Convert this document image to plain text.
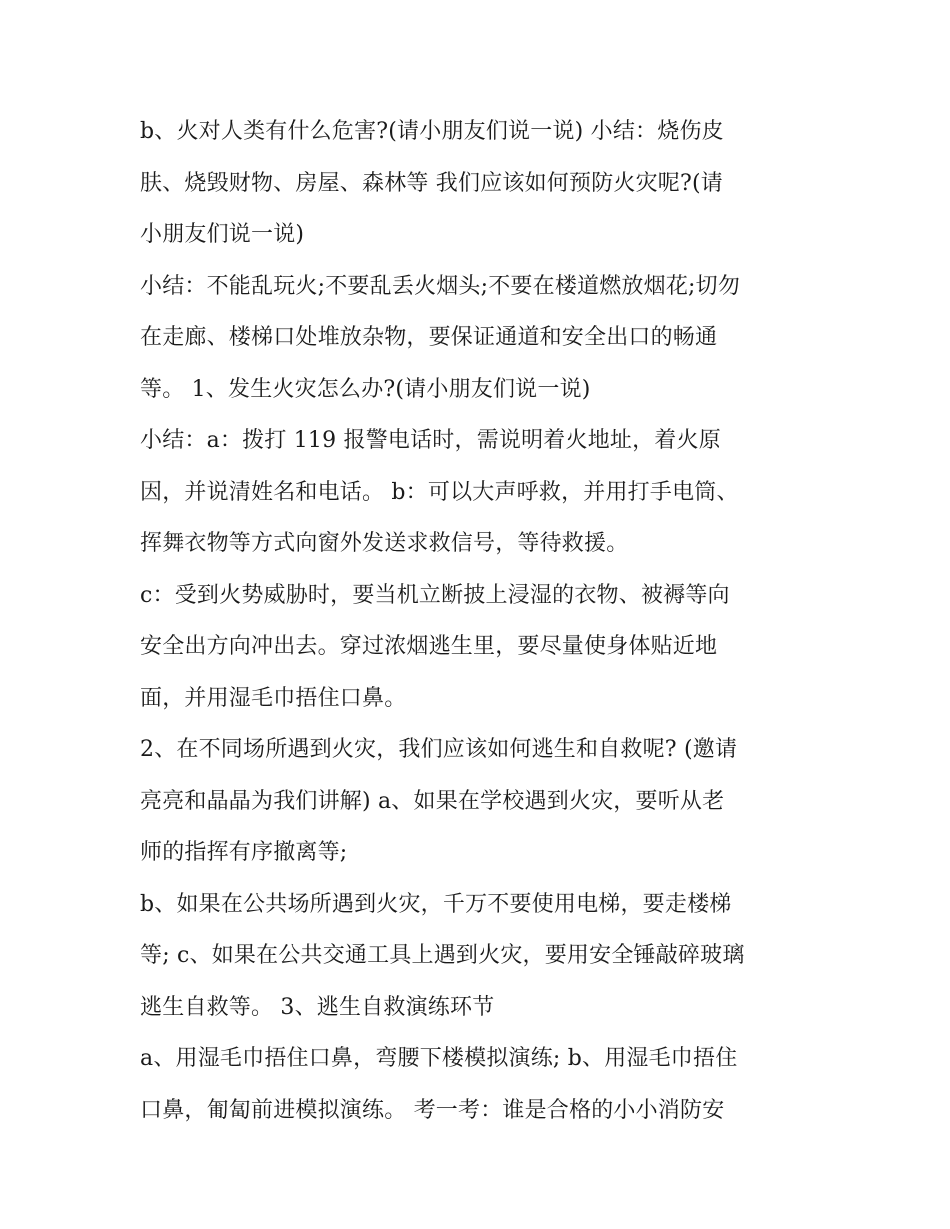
b、火对人类有什么危害?(请小朋友们说一说) 小结：烧伤皮
肤、烧毁财物、房屋、森林等 我们应该如何预防火灾呢?(请
小朋友们说一说)
小结：不能乱玩火;不要乱丢火烟头;不要在楼道燃放烟花;切勿
在走廊、楼梯口处堆放杂物，要保证通道和安全出口的畅通
等。 1、发生火灾怎么办?(请小朋友们说一说)
小结：a：拨打 119 报警电话时，需说明着火地址，着火原
因，并说清姓名和电话。 b：可以大声呼救，并用打手电筒、
挥舞衣物等方式向窗外发送求救信号，等待救援。
c：受到火势威胁时，要当机立断披上浸湿的衣物、被褥等向
安全出方向冲出去。穿过浓烟逃生里，要尽量使身体贴近地
面，并用湿毛巾捂住口鼻。
2、在不同场所遇到火灾，我们应该如何逃生和自救呢? (邀请
亮亮和晶晶为我们讲解) a、如果在学校遇到火灾，要听从老
师的指挥有序撤离等;
b、如果在公共场所遇到火灾，千万不要使用电梯，要走楼梯
等; c、如果在公共交通工具上遇到火灾，要用安全锤敲碎玻璃
逃生自救等。 3、逃生自救演练环节
a、用湿毛巾捂住口鼻，弯腰下楼模拟演练; b、用湿毛巾捂住
口鼻，匍匐前进模拟演练。 考一考：谁是合格的小小消防安
